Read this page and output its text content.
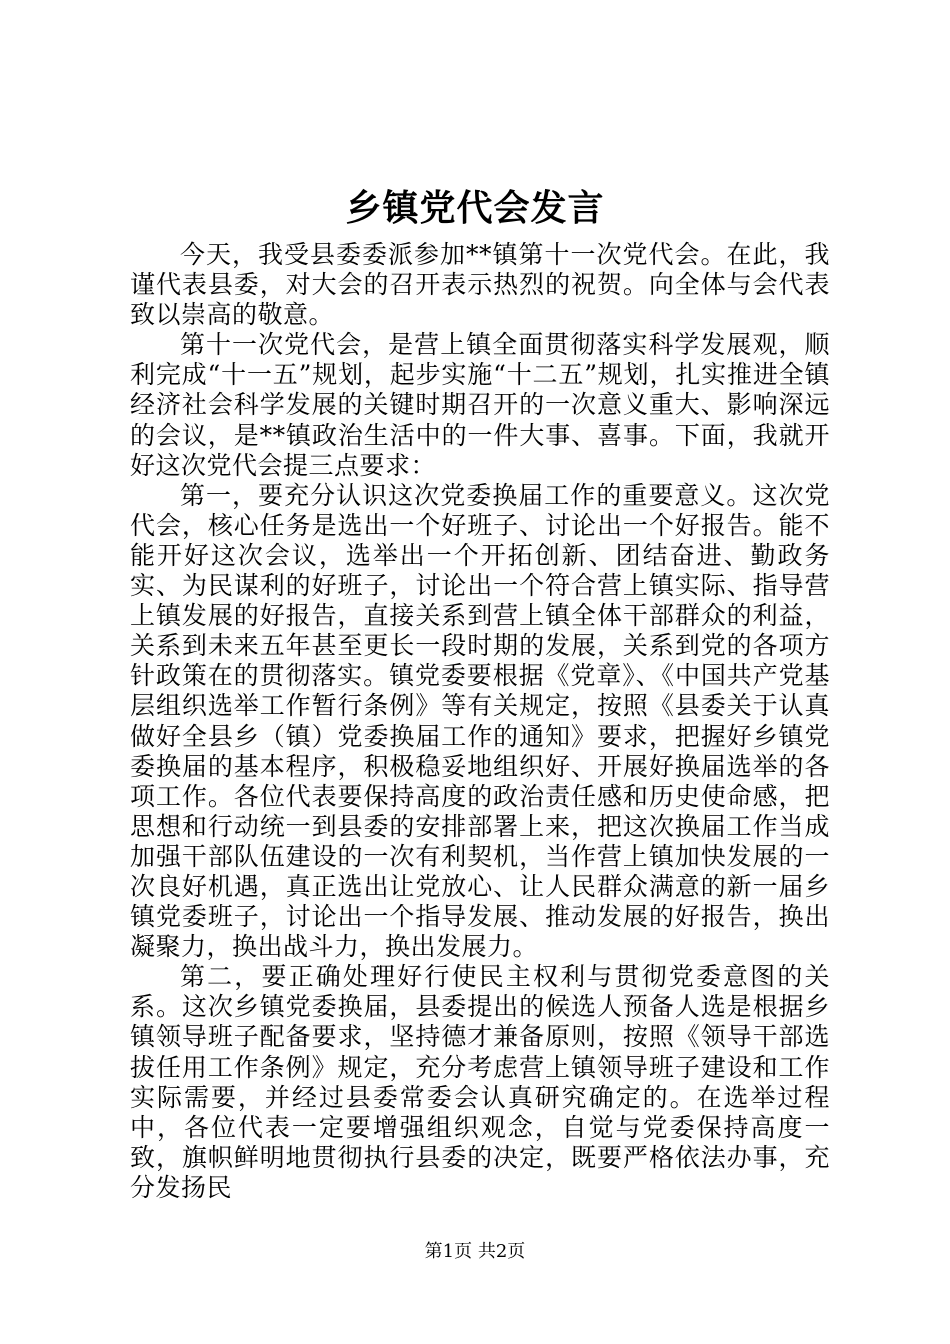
乡镇党代会发言

今天，我受县委委派参加**镇第十一次党代会。在此，我谨代表县委，对大会的召开表示热烈的祝贺。向全体与会代表致以崇高的敬意。

第十一次党代会，是营上镇全面贯彻落实科学发展观，顺利完成“十一五”规划，起步实施“十二五”规划，扎实推进全镇经济社会科学发展的关键时期召开的一次意义重大、影响深远的会议，是**镇政治生活中的一件大事、喜事。下面，我就开好这次党代会提三点要求：

第一，要充分认识这次党委换届工作的重要意义。这次党代会，核心任务是选出一个好班子、讨论出一个好报告。能不能开好这次会议，选举出一个开拓创新、团结奋进、勤政务实、为民谋利的好班子，讨论出一个符合营上镇实际、指导营上镇发展的好报告，直接关系到营上镇全体干部群众的利益，关系到未来五年甚至更长一段时期的发展，关系到党的各项方针政策在的贯彻落实。镇党委要根据《党章》、《中国共产党基层组织选举工作暂行条例》等有关规定，按照《县委关于认真做好全县乡（镇）党委换届工作的通知》要求，把握好乡镇党委换届的基本程序，积极稳妥地组织好、开展好换届选举的各项工作。各位代表要保持高度的政治责任感和历史使命感，把思想和行动统一到县委的安排部署上来，把这次换届工作当成加强干部队伍建设的一次有利契机，当作营上镇加快发展的一次良好机遇，真正选出让党放心、让人民群众满意的新一届乡镇党委班子，讨论出一个指导发展、推动发展的好报告，换出凝聚力，换出战斗力，换出发展力。

第二，要正确处理好行使民主权利与贯彻党委意图的关系。这次乡镇党委换届，县委提出的候选人预备人选是根据乡镇领导班子配备要求，坚持德才兼备原则，按照《领导干部选拔任用工作条例》规定，充分考虑营上镇领导班子建设和工作实际需要，并经过县委常委会认真研究确定的。在选举过程中，各位代表一定要增强组织观念，自觉与党委保持高度一致，旗帜鲜明地贯彻执行县委的决定，既要严格依法办事，充分发扬民

第1页 共2页
